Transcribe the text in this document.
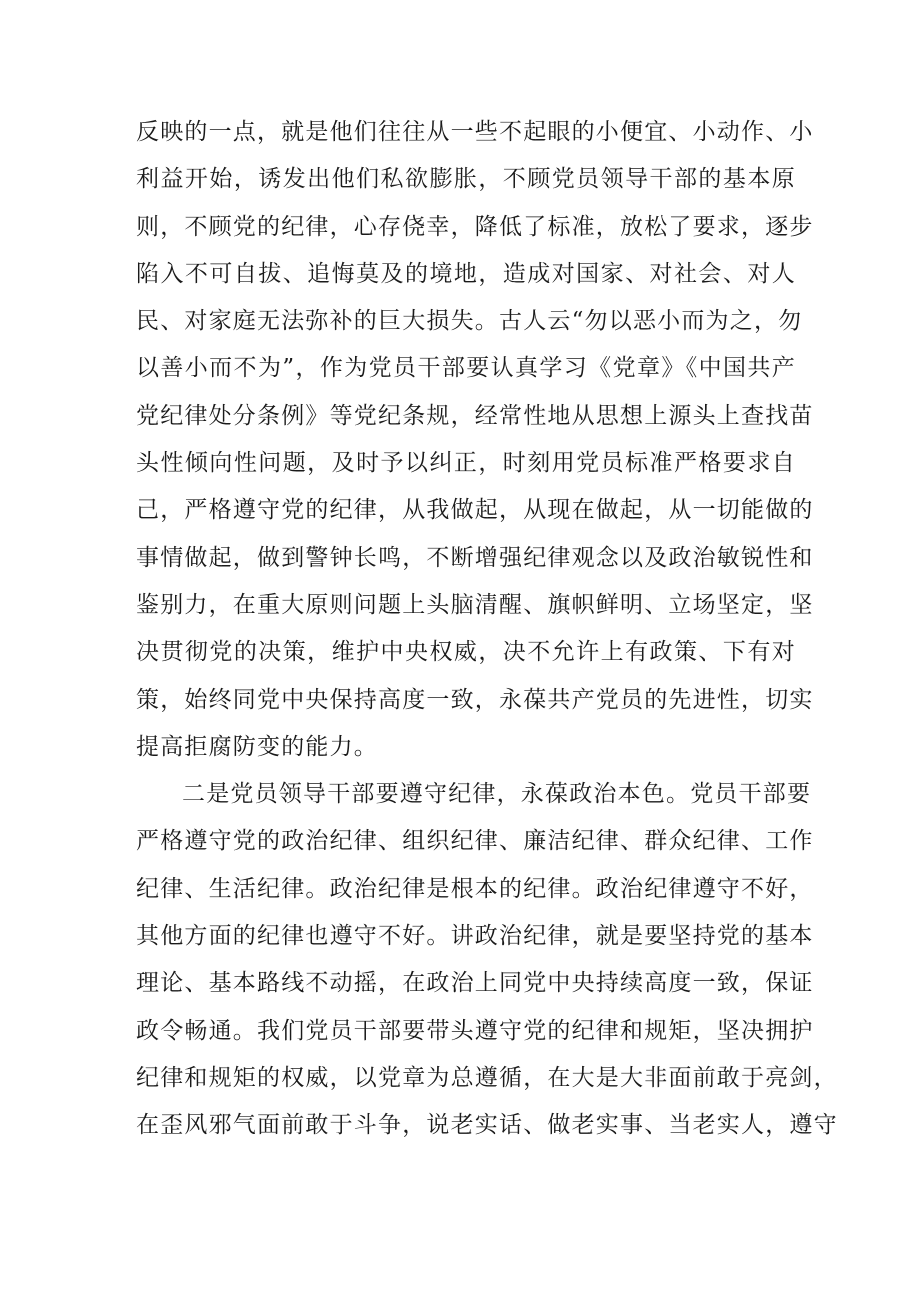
反映的一点，就是他们往往从一些不起眼的小便宜、小动作、小
利益开始，诱发出他们私欲膨胀，不顾党员领导干部的基本原
则，不顾党的纪律，心存侥幸，降低了标准，放松了要求，逐步
陷入不可自拔、追悔莫及的境地，造成对国家、对社会、对人
民、对家庭无法弥补的巨大损失。古人云“勿以恶小而为之，勿
以善小而不为”，作为党员干部要认真学习《党章》《中国共产
党纪律处分条例》等党纪条规，经常性地从思想上源头上查找苗
头性倾向性问题，及时予以纠正，时刻用党员标准严格要求自
己，严格遵守党的纪律，从我做起，从现在做起，从一切能做的
事情做起，做到警钟长鸣，不断增强纪律观念以及政治敏锐性和
鉴别力，在重大原则问题上头脑清醒、旗帜鲜明、立场坚定，坚
决贯彻党的决策，维护中央权威，决不允许上有政策、下有对
策，始终同党中央保持高度一致，永葆共产党员的先进性，切实
提高拒腐防变的能力。
二是党员领导干部要遵守纪律，永葆政治本色。党员干部要
严格遵守党的政治纪律、组织纪律、廉洁纪律、群众纪律、工作
纪律、生活纪律。政治纪律是根本的纪律。政治纪律遵守不好，
其他方面的纪律也遵守不好。讲政治纪律，就是要坚持党的基本
理论、基本路线不动摇，在政治上同党中央持续高度一致，保证
政令畅通。我们党员干部要带头遵守党的纪律和规矩，坚决拥护
纪律和规矩的权威，以党章为总遵循，在大是大非面前敢于亮剑，
在歪风邪气面前敢于斗争，说老实话、做老实事、当老实人，遵守
